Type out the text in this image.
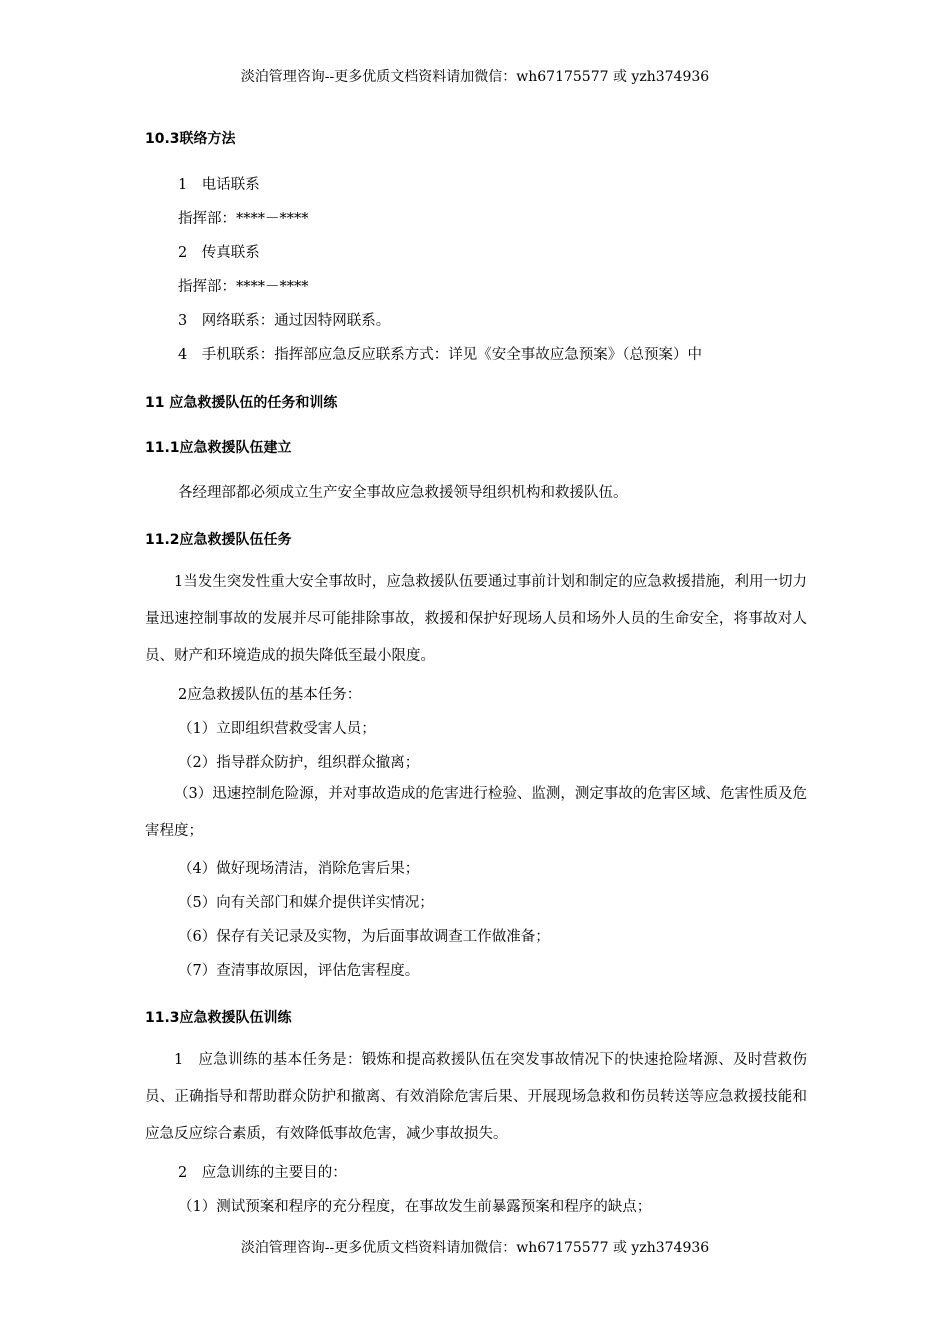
淡泊管理咨询--更多优质文档资料请加微信：wh67175577 或 yzh374936
10.3联络方法
1　电话联系
指挥部：****－****
2　传真联系
指挥部：****－****
3　网络联系：通过因特网联系。
4　手机联系：指挥部应急反应联系方式：详见《安全事故应急预案》（总预案）中
11 应急救援队伍的任务和训练
11.1应急救援队伍建立
各经理部都必须成立生产安全事故应急救援领导组织机构和救援队伍。
11.2应急救援队伍任务
1当发生突发性重大安全事故时，应急救援队伍要通过事前计划和制定的应急救援措施，利用一切力量迅速控制事故的发展并尽可能排除事故，救援和保护好现场人员和场外人员的生命安全，将事故对人员、财产和环境造成的损失降低至最小限度。
2应急救援队伍的基本任务：
（1）立即组织营救受害人员；
（2）指导群众防护，组织群众撤离；
（3）迅速控制危险源，并对事故造成的危害进行检验、监测，测定事故的危害区域、危害性质及危害程度；
（4）做好现场清洁，消除危害后果；
（5）向有关部门和媒介提供详实情况；
（6）保存有关记录及实物，为后面事故调查工作做准备；
（7）查清事故原因，评估危害程度。
11.3应急救援队伍训练
1　应急训练的基本任务是：锻炼和提高救援队伍在突发事故情况下的快速抢险堵源、及时营救伤员、正确指导和帮助群众防护和撤离、有效消除危害后果、开展现场急救和伤员转送等应急救援技能和应急反应综合素质，有效降低事故危害，减少事故损失。
2　应急训练的主要目的：
（1）测试预案和程序的充分程度，在事故发生前暴露预案和程序的缺点；
淡泊管理咨询--更多优质文档资料请加微信：wh67175577 或 yzh374936
